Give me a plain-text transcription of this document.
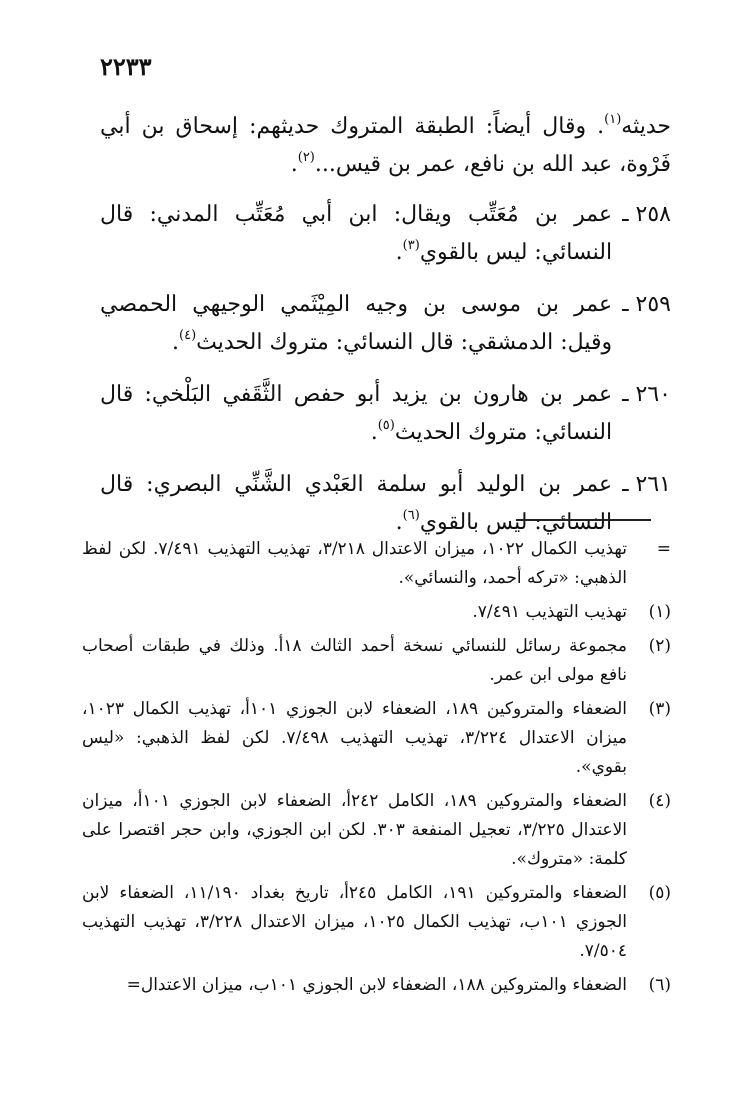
٢٢٣٣

حديثه$^{(١)}$. وقال أيضاً: الطبقة المتروك حديثهم: إسحاق بن أبي فَرْوة، عبد الله بن نافع، عمر بن قيس...$^{(٢)}$.

٢٥٨ ـ
عمر بن مُعَتِّب ويقال: ابن أبي مُعَتِّب المدني: قال النسائي: ليس بالقوي$^{(٣)}$.
٢٥٩ ـ
عمر بن موسى بن وجيه المِيْثَمي الوجيهي الحمصي وقيل: الدمشقي: قال النسائي: متروك الحديث$^{(٤)}$.
٢٦٠ ـ
عمر بن هارون بن يزيد أبو حفص الثَّقَفي البَلْخي: قال النسائي: متروك الحديث$^{(٥)}$.
٢٦١ ـ
عمر بن الوليد أبو سلمة العَبْدي الشَّنِّي البصري: قال النسائي: ليس بالقوي$^{(٦)}$.
=
تهذيب الكمال ١٠٢٢، ميزان الاعتدال ٣/٢١٨، تهذيب التهذيب ٧/٤٩١. لكن لفظ الذهبي: «تركه أحمد، والنسائي».
(١)
تهذيب التهذيب ٧/٤٩١.
(٢)
مجموعة رسائل للنسائي نسخة أحمد الثالث ١٨أ. وذلك في طبقات أصحاب نافع مولى ابن عمر.
(٣)
الضعفاء والمتروكين ١٨٩، الضعفاء لابن الجوزي ١٠١أ، تهذيب الكمال ١٠٢٣، ميزان الاعتدال ٣/٢٢٤، تهذيب التهذيب ٧/٤٩٨. لكن لفظ الذهبي: «ليس بقوي».
(٤)
الضعفاء والمتروكين ١٨٩، الكامل ٢٤٢أ، الضعفاء لابن الجوزي ١٠١أ، ميزان الاعتدال ٣/٢٢٥، تعجيل المنفعة ٣٠٣. لكن ابن الجوزي، وابن حجر اقتصرا على كلمة: «متروك».
(٥)
الضعفاء والمتروكين ١٩١، الكامل ٢٤٥أ، تاريخ بغداد ١١/١٩٠، الضعفاء لابن الجوزي ١٠١ب، تهذيب الكمال ١٠٢٥، ميزان الاعتدال ٣/٢٢٨، تهذيب التهذيب ٧/٥٠٤.
(٦)
الضعفاء والمتروكين ١٨٨، الضعفاء لابن الجوزي ١٠١ب، ميزان الاعتدال=
